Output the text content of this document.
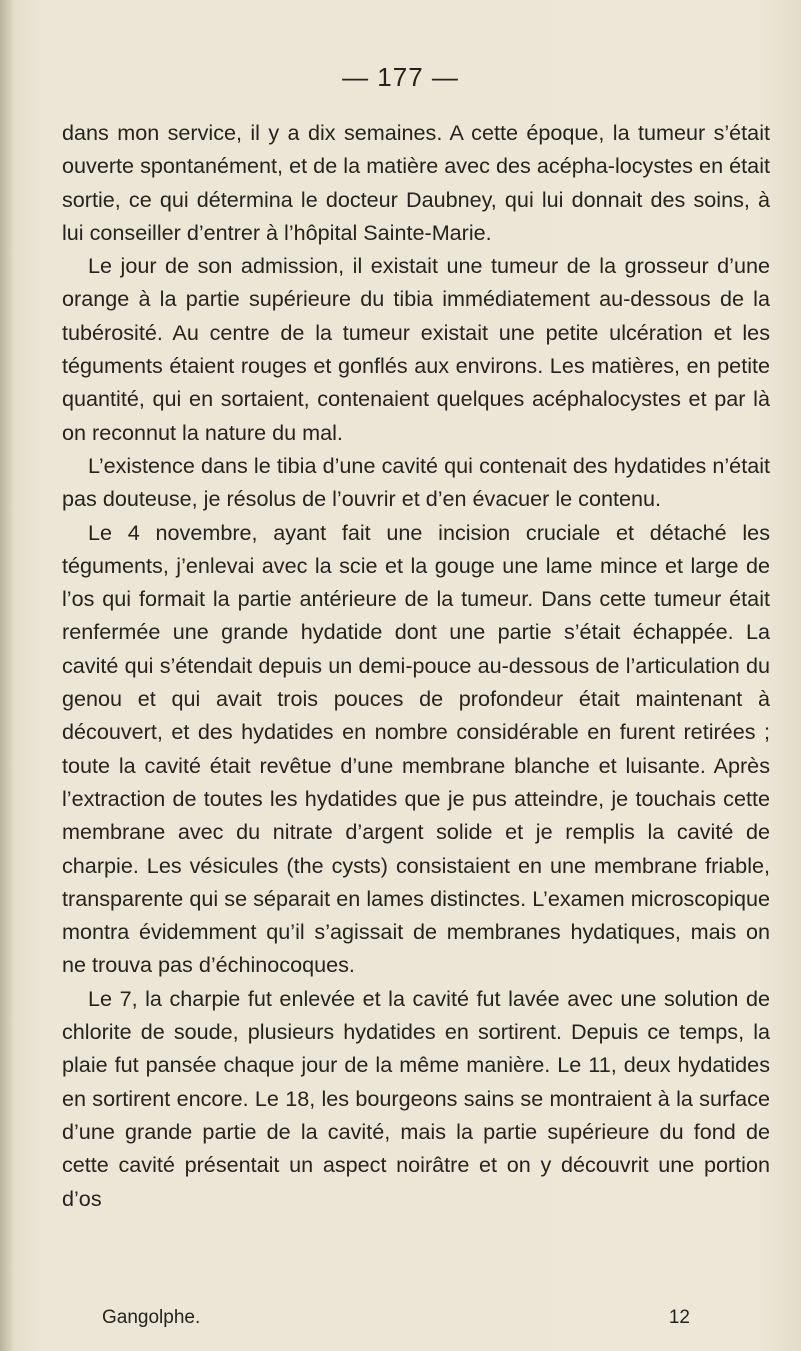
— 177 —

dans mon service, il y a dix semaines. A cette époque, la tumeur s’était ouverte spontanément, et de la matière avec des acépha-locystes en était sortie, ce qui détermina le docteur Daubney, qui lui donnait des soins, à lui conseiller d’entrer à l’hôpital Sainte-Marie.

Le jour de son admission, il existait une tumeur de la grosseur d’une orange à la partie supérieure du tibia immédiatement au-dessous de la tubérosité. Au centre de la tumeur existait une petite ulcération et les téguments étaient rouges et gonflés aux environs. Les matières, en petite quantité, qui en sortaient, contenaient quelques acéphalocystes et par là on reconnut la nature du mal.

L’existence dans le tibia d’une cavité qui contenait des hydatides n’était pas douteuse, je résolus de l’ouvrir et d’en évacuer le contenu.

Le 4 novembre, ayant fait une incision cruciale et détaché les téguments, j’enlevai avec la scie et la gouge une lame mince et large de l’os qui formait la partie antérieure de la tumeur. Dans cette tumeur était renfermée une grande hydatide dont une partie s’était échappée. La cavité qui s’étendait depuis un demi-pouce au-dessous de l’articulation du genou et qui avait trois pouces de profondeur était maintenant à découvert, et des hydatides en nombre considérable en furent retirées ; toute la cavité était revêtue d’une membrane blanche et luisante. Après l’extraction de toutes les hydatides que je pus atteindre, je touchais cette membrane avec du nitrate d’argent solide et je remplis la cavité de charpie. Les vésicules (the cysts) consistaient en une membrane friable, transparente qui se séparait en lames distinctes. L’examen microscopique montra évidemment qu’il s’agissait de membranes hydatiques, mais on ne trouva pas d’échinocoques.

Le 7, la charpie fut enlevée et la cavité fut lavée avec une solution de chlorite de soude, plusieurs hydatides en sortirent. Depuis ce temps, la plaie fut pansée chaque jour de la même manière. Le 11, deux hydatides en sortirent encore. Le 18, les bourgeons sains se montraient à la surface d’une grande partie de la cavité, mais la partie supérieure du fond de cette cavité présentait un aspect noirâtre et on y découvrit une portion d’os

Gangolphe.	12
